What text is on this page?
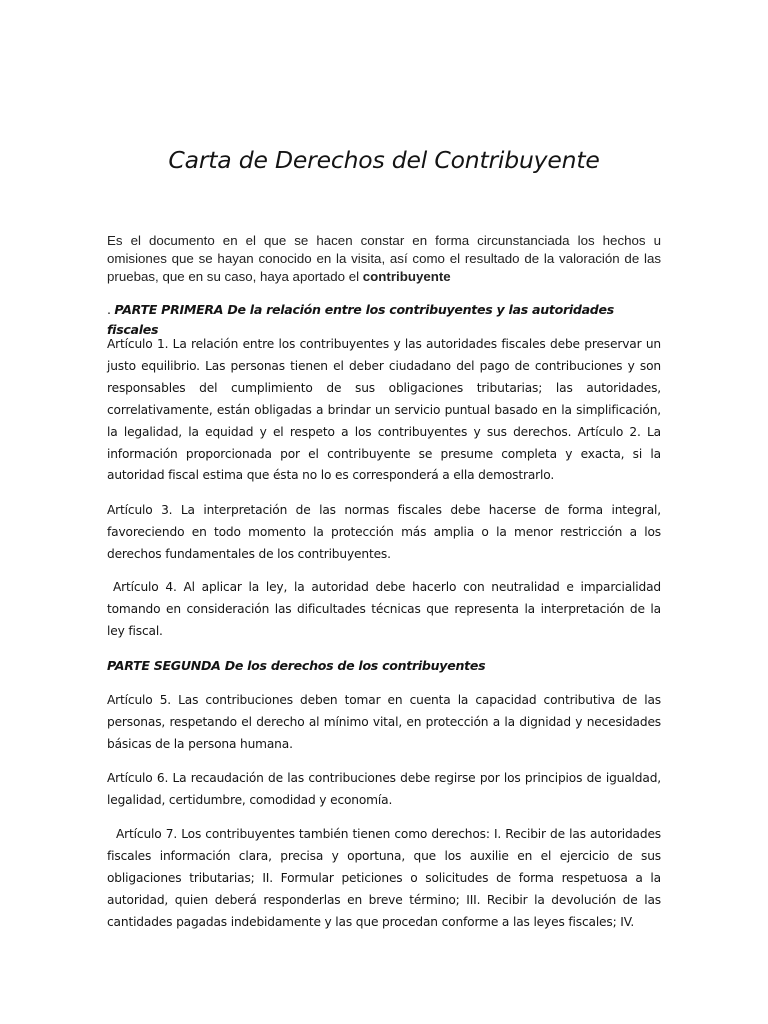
Carta de Derechos del Contribuyente

Es el documento en el que se hacen constar en forma circunstanciada los hechos u omisiones que se hayan conocido en la visita, así como el resultado de la valoración de las pruebas, que en su caso, haya aportado el contribuyente

. PARTE PRIMERA De la relación entre los contribuyentes y las autoridades fiscales

Artículo 1. La relación entre los contribuyentes y las autoridades fiscales debe preservar un justo equilibrio. Las personas tienen el deber ciudadano del pago de contribuciones y son responsables del cumplimiento de sus obligaciones tributarias; las autoridades, correlativamente, están obligadas a brindar un servicio puntual basado en la simplificación, la legalidad, la equidad y el respeto a los contribuyentes y sus derechos. Artículo 2. La información proporcionada por el contribuyente se presume completa y exacta, si la autoridad fiscal estima que ésta no lo es corresponderá a ella demostrarlo.

Artículo 3. La interpretación de las normas fiscales debe hacerse de forma integral, favoreciendo en todo momento la protección más amplia o la menor restricción a los derechos fundamentales de los contribuyentes.

Artículo 4. Al aplicar la ley, la autoridad debe hacerlo con neutralidad e imparcialidad tomando en consideración las dificultades técnicas que representa la interpretación de la ley fiscal.

PARTE SEGUNDA De los derechos de los contribuyentes

Artículo 5. Las contribuciones deben tomar en cuenta la capacidad contributiva de las personas, respetando el derecho al mínimo vital, en protección a la dignidad y necesidades básicas de la persona humana.

Artículo 6. La recaudación de las contribuciones debe regirse por los principios de igualdad, legalidad, certidumbre, comodidad y economía.

Artículo 7. Los contribuyentes también tienen como derechos: I. Recibir de las autoridades fiscales información clara, precisa y oportuna, que los auxilie en el ejercicio de sus obligaciones tributarias; II. Formular peticiones o solicitudes de forma respetuosa a la autoridad, quien deberá responderlas en breve término; III. Recibir la devolución de las cantidades pagadas indebidamente y las que procedan conforme a las leyes fiscales; IV.
